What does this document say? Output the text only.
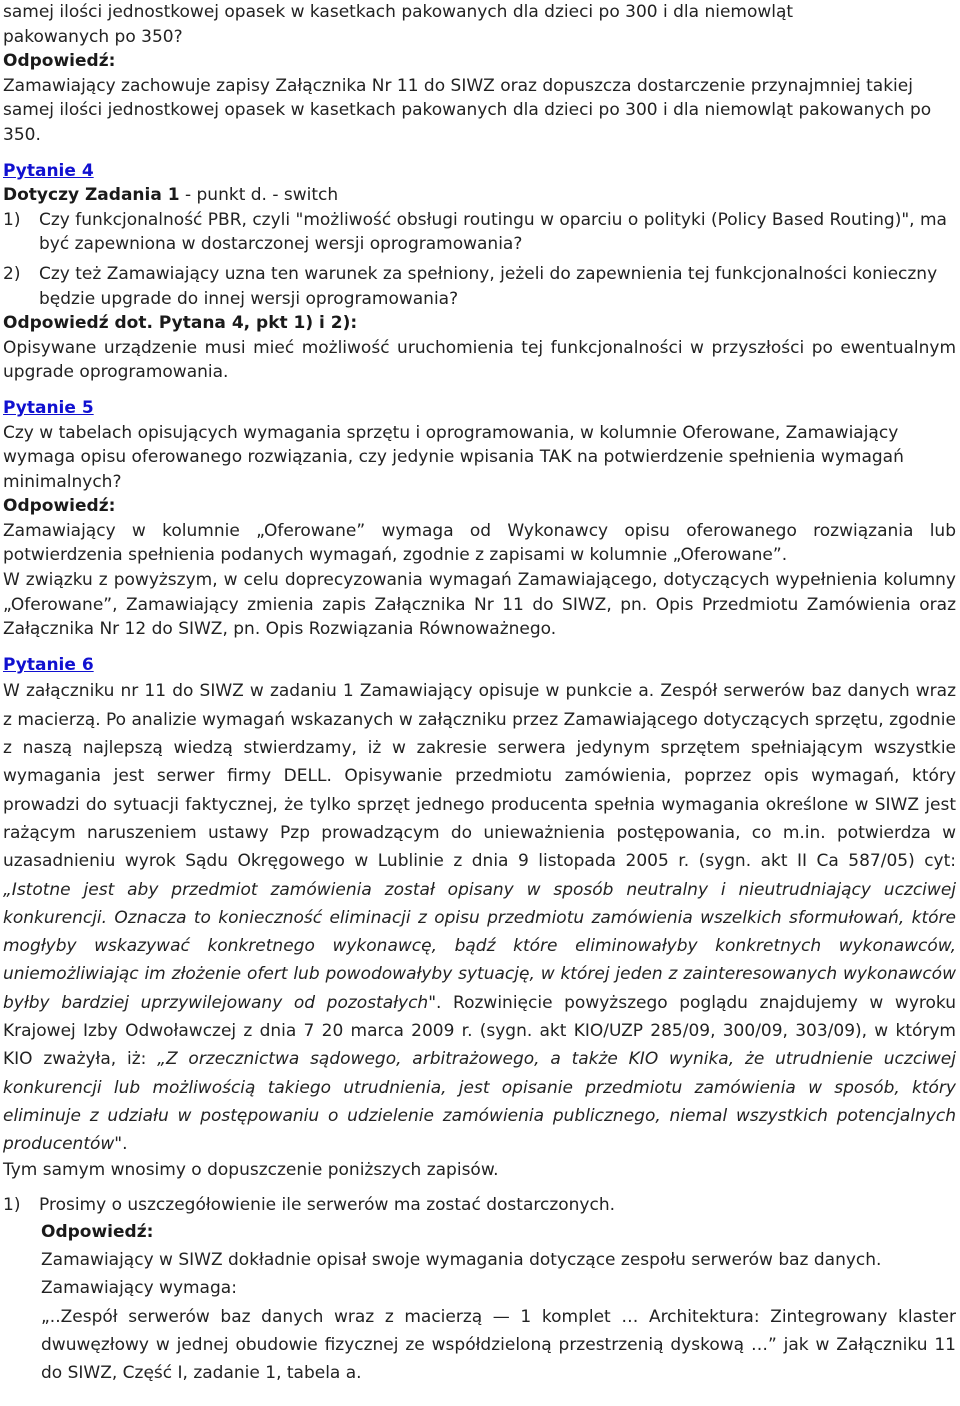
samej ilości jednostkowej opasek w kasetkach pakowanych dla dzieci po 300 i dla niemowląt

pakowanych po 350?

Odpowiedź:

Zamawiający zachowuje zapisy Załącznika Nr 11 do SIWZ oraz dopuszcza dostarczenie przynajmniej takiej samej ilości jednostkowej opasek w kasetkach pakowanych dla dzieci po 300 i dla niemowląt pakowanych po 350.

Pytanie 4

Dotyczy Zadania 1 - punkt d. - switch

1)	Czy funkcjonalność PBR, czyli "możliwość obsługi routingu w oparciu o polityki (Policy Based Routing)", ma być zapewniona w dostarczonej wersji oprogramowania?
2)	Czy też Zamawiający uzna ten warunek za spełniony, jeżeli do zapewnienia tej funkcjonalności konieczny będzie upgrade do innej wersji oprogramowania?

Odpowiedź dot. Pytana 4, pkt 1) i 2):

Opisywane urządzenie musi mieć możliwość uruchomienia tej funkcjonalności w przyszłości po ewentualnym upgrade oprogramowania.

Pytanie 5

Czy w tabelach opisujących wymagania sprzętu i oprogramowania, w kolumnie Oferowane, Zamawiający wymaga opisu oferowanego rozwiązania, czy jedynie wpisania TAK na potwierdzenie spełnienia wymagań minimalnych?

Odpowiedź:

Zamawiający w kolumnie „Oferowane” wymaga od Wykonawcy opisu oferowanego rozwiązania lub potwierdzenia spełnienia podanych wymagań, zgodnie z zapisami w kolumnie „Oferowane”.

W związku z powyższym, w celu doprecyzowania wymagań Zamawiającego, dotyczących wypełnienia kolumny „Oferowane”, Zamawiający zmienia zapis Załącznika Nr 11 do SIWZ, pn. Opis Przedmiotu Zamówienia oraz Załącznika Nr 12 do SIWZ, pn. Opis Rozwiązania Równoważnego.

Pytanie 6

W załączniku nr 11 do SIWZ w zadaniu 1 Zamawiający opisuje w punkcie a. Zespół serwerów baz danych wraz z macierzą. Po analizie wymagań wskazanych w załączniku przez Zamawiającego dotyczących sprzętu, zgodnie z naszą najlepszą wiedzą stwierdzamy, iż w zakresie serwera jedynym sprzętem spełniającym wszystkie wymagania jest serwer firmy DELL. Opisywanie przedmiotu zamówienia, poprzez opis wymagań, który prowadzi do sytuacji faktycznej, że tylko sprzęt jednego producenta spełnia wymagania określone w SIWZ jest rażącym naruszeniem ustawy Pzp prowadzącym do unieważnienia postępowania, co m.in. potwierdza w uzasadnieniu wyrok Sądu Okręgowego w Lublinie z dnia 9 listopada 2005 r. (sygn. akt II Ca 587/05) cyt: „Istotne jest aby przedmiot zamówienia został opisany w sposób neutralny i nieutrudniający uczciwej konkurencji. Oznacza to konieczność eliminacji z opisu przedmiotu zamówienia wszelkich sformułowań, które mogłyby wskazywać konkretnego wykonawcę, bądź które eliminowałyby konkretnych wykonawców, uniemożliwiając im złożenie ofert lub powodowałyby sytuację, w której jeden z zainteresowanych wykonawców byłby bardziej uprzywilejowany od pozostałych". Rozwinięcie powyższego poglądu znajdujemy w wyroku Krajowej Izby Odwoławczej z dnia 7 20 marca 2009 r. (sygn. akt KIO/UZP 285/09, 300/09, 303/09), w którym KIO zważyła, iż: „Z orzecznictwa sądowego, arbitrażowego, a także KIO wynika, że utrudnienie uczciwej konkurencji lub możliwością takiego utrudnienia, jest opisanie przedmiotu zamówienia w sposób, który eliminuje z udziału w postępowaniu o udzielenie zamówienia publicznego, niemal wszystkich potencjalnych producentów".

Tym samym wnosimy o dopuszczenie poniższych zapisów.

1)	Prosimy o uszczegółowienie ile serwerów ma zostać dostarczonych.

Odpowiedź:

Zamawiający w SIWZ dokładnie opisał swoje wymagania dotyczące zespołu serwerów baz danych.

Zamawiający wymaga:

„..Zespół serwerów baz danych wraz z macierzą — 1 komplet … Architektura: Zintegrowany klaster dwuwęzłowy w jednej obudowie fizycznej ze współdzieloną przestrzenią dyskową …” jak w Załączniku 11 do SIWZ, Część I, zadanie 1, tabela a.
